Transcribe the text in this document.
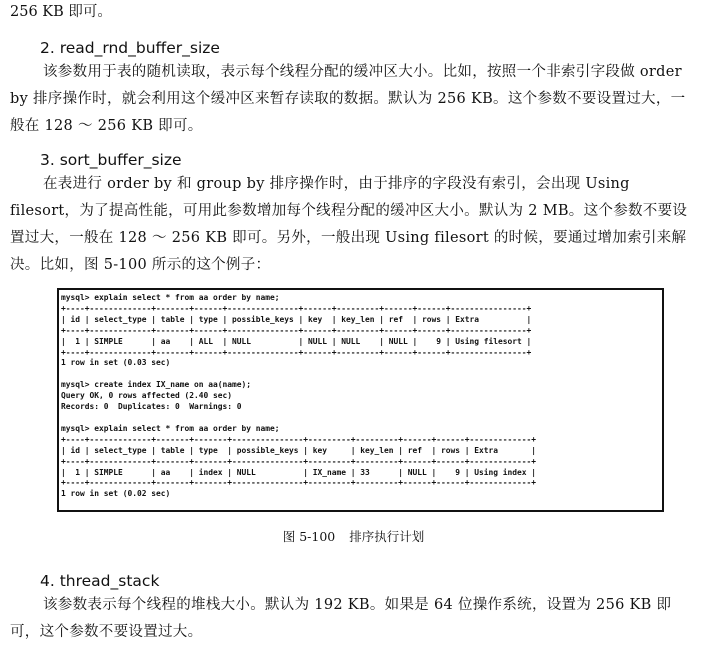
256 KB 即可。
2. read_rnd_buffer_size
该参数用于表的随机读取，表示每个线程分配的缓冲区大小。比如，按照一个非索引字段做 order by 排序操作时，就会利用这个缓冲区来暂存读取的数据。默认为 256 KB。这个参数不要设置过大，一般在 128 ～ 256 KB 即可。
3. sort_buffer_size
在表进行 order by 和 group by 排序操作时，由于排序的字段没有索引，会出现 Using filesort，为了提高性能，可用此参数增加每个线程分配的缓冲区大小。默认为 2 MB。这个参数不要设置过大，一般在 128 ～ 256 KB 即可。另外，一般出现 Using filesort 的时候，要通过增加索引来解决。比如，图 5-100 所示的这个例子：
mysql> explain select * from aa order by name;
+----+-------------+-------+------+---------------+------+---------+------+------+----------------+
| id | select_type | table | type | possible_keys | key  | key_len | ref  | rows | Extra          |
+----+-------------+-------+------+---------------+------+---------+------+------+----------------+
|  1 | SIMPLE      | aa    | ALL  | NULL          | NULL | NULL    | NULL |    9 | Using filesort |
+----+-------------+-------+------+---------------+------+---------+------+------+----------------+
1 row in set (0.03 sec)

mysql> create index IX_name on aa(name);
Query OK, 0 rows affected (2.40 sec)
Records: 0  Duplicates: 0  Warnings: 0

mysql> explain select * from aa order by name;
+----+-------------+-------+-------+---------------+---------+---------+------+------+-------------+
| id | select_type | table | type  | possible_keys | key     | key_len | ref  | rows | Extra       |
+----+-------------+-------+-------+---------------+---------+---------+------+------+-------------+
|  1 | SIMPLE      | aa    | index | NULL          | IX_name | 33      | NULL |    9 | Using index |
+----+-------------+-------+-------+---------------+---------+---------+------+------+-------------+
1 row in set (0.02 sec)

图 5-100 排序执行计划
4. thread_stack
该参数表示每个线程的堆栈大小。默认为 192 KB。如果是 64 位操作系统，设置为 256 KB 即可，这个参数不要设置过大。
